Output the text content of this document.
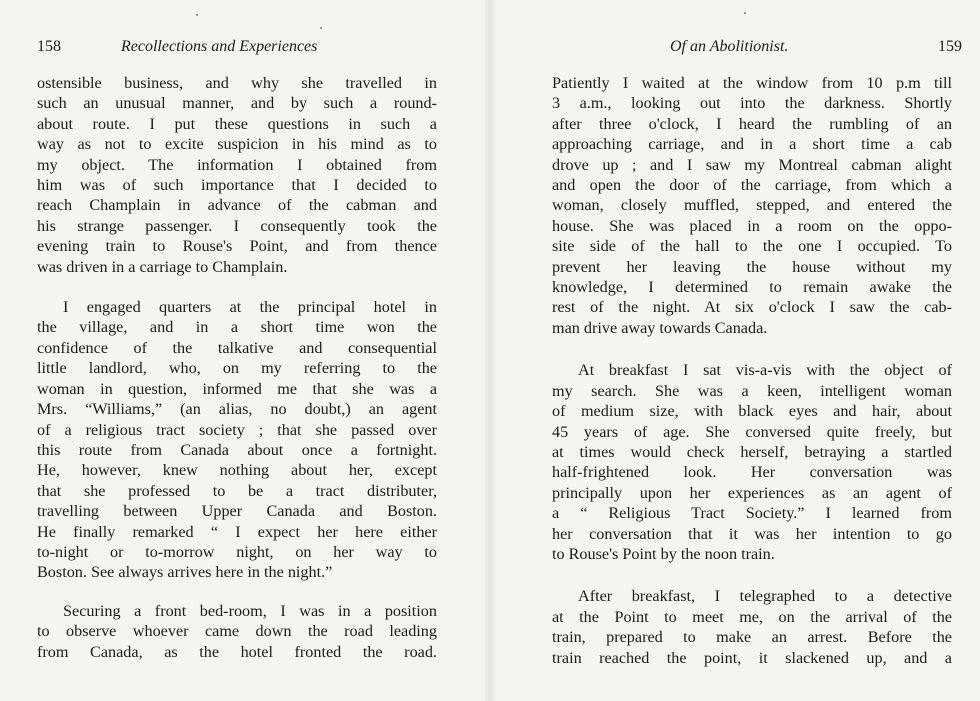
158	Recollections and Experiences
ostensible business, and why she travelled in
such an unusual manner, and by such a round-
about route. I put these questions in such a
way as not to excite suspicion in his mind as to
my object. The information I obtained from
him was of such importance that I decided to
reach Champlain in advance of the cabman and
his strange passenger. I consequently took the
evening train to Rouse's Point, and from thence
was driven in a carriage to Champlain.
I engaged quarters at the principal hotel in
the village, and in a short time won the
confidence of the talkative and consequential
little landlord, who, on my referring to the
woman in question, informed me that she was a
Mrs. “Williams,” (an alias, no doubt,) an agent
of a religious tract society ; that she passed over
this route from Canada about once a fortnight.
He, however, knew nothing about her, except
that she professed to be a tract distributer,
travelling between Upper Canada and Boston.
He finally remarked “ I expect her here either
to-night or to-morrow night, on her way to
Boston. See always arrives here in the night.”
Securing a front bed-room, I was in a position
to observe whoever came down the road leading
from Canada, as the hotel fronted the road.
Of an Abolitionist.	159
Patiently I waited at the window from 10 p.m till
3 a.m., looking out into the darkness. Shortly
after three o'clock, I heard the rumbling of an
approaching carriage, and in a short time a cab
drove up ; and I saw my Montreal cabman alight
and open the door of the carriage, from which a
woman, closely muffled, stepped, and entered the
house. She was placed in a room on the oppo-
site side of the hall to the one I occupied. To
prevent her leaving the house without my
knowledge, I determined to remain awake the
rest of the night. At six o'clock I saw the cab-
man drive away towards Canada.
At breakfast I sat vis-a-vis with the object of
my search. She was a keen, intelligent woman
of medium size, with black eyes and hair, about
45 years of age. She conversed quite freely, but
at times would check herself, betraying a startled
half-frightened look. Her conversation was
principally upon her experiences as an agent of
a “ Religious Tract Society.” I learned from
her conversation that it was her intention to go
to Rouse's Point by the noon train.
After breakfast, I telegraphed to a detective
at the Point to meet me, on the arrival of the
train, prepared to make an arrest. Before the
train reached the point, it slackened up, and a
